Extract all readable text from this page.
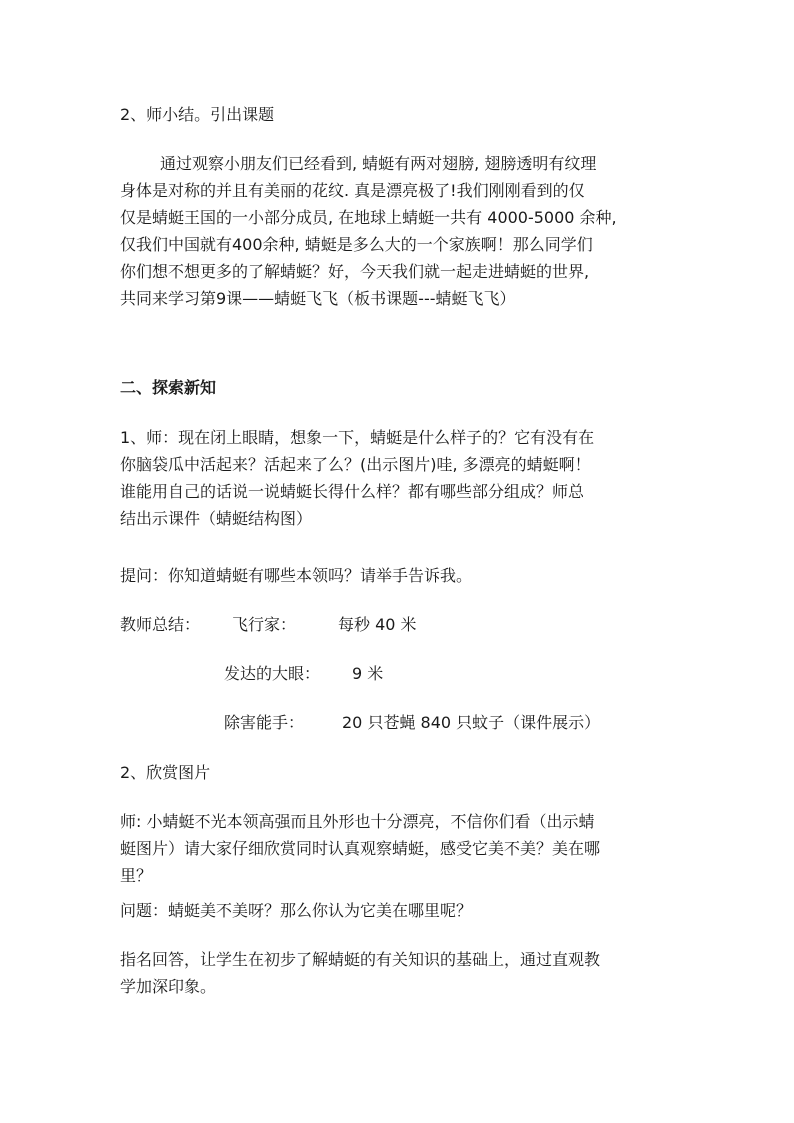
2、师小结。引出课题

通过观察小朋友们已经看到, 蜻蜓有两对翅膀, 翅膀透明有纹理
身体是对称的并且有美丽的花纹. 真是漂亮极了!我们刚刚看到的仅
仅是蜻蜓王国的一小部分成员, 在地球上蜻蜓一共有 4000-5000 余种,
仅我们中国就有400余种, 蜻蜓是多么大的一个家族啊！那么同学们
你们想不想更多的了解蜻蜓？好，今天我们就一起走进蜻蜓的世界,
共同来学习第9课——蜻蜓飞飞（板书课题---蜻蜓飞飞）

二、探索新知

1、师：现在闭上眼睛，想象一下，蜻蜓是什么样子的？它有没有在
你脑袋瓜中活起来？活起来了么？(出示图片)哇, 多漂亮的蜻蜓啊！
谁能用自己的话说一说蜻蜓长得什么样？都有哪些部分组成？师总
结出示课件（蜻蜓结构图）

提问：你知道蜻蜓有哪些本领吗？请举手告诉我。

教师总结： 飞行家：	每秒 40 米
发达的大眼： 9 米
除害能手： 20 只苍蝇 840 只蚊子（课件展示）

2、欣赏图片

师: 小蜻蜓不光本领高强而且外形也十分漂亮，不信你们看（出示蜻
蜓图片）请大家仔细欣赏同时认真观察蜻蜓，感受它美不美？美在哪
里？

问题：蜻蜓美不美呀？那么你认为它美在哪里呢？

指名回答，让学生在初步了解蜻蜓的有关知识的基础上，通过直观教
学加深印象。
